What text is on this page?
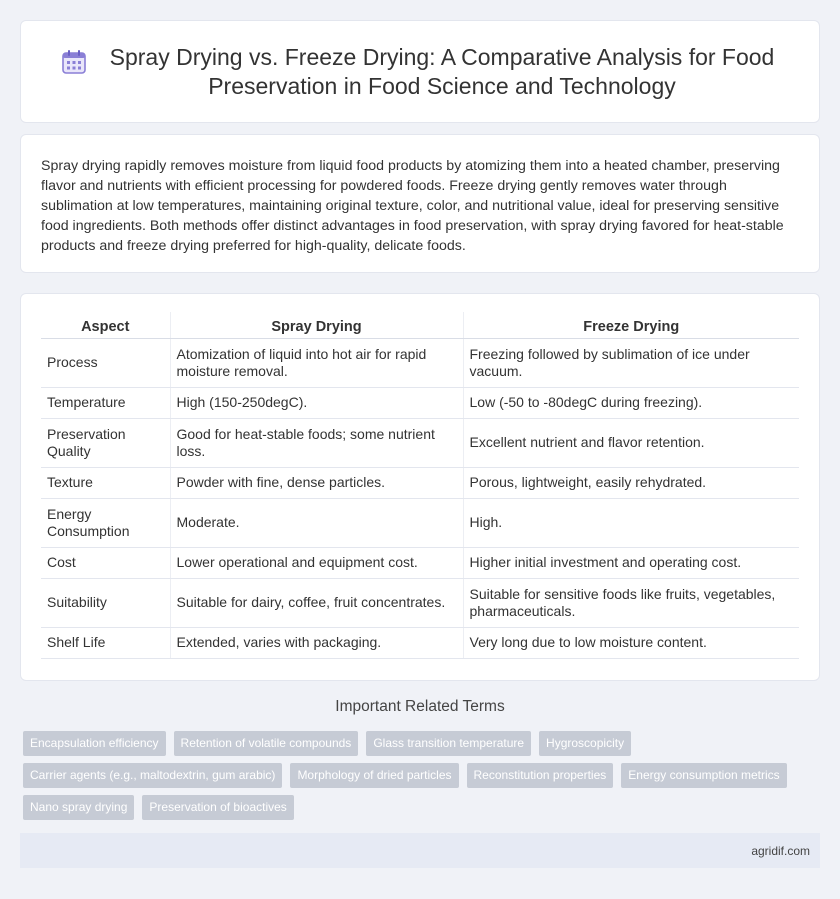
Spray Drying vs. Freeze Drying: A Comparative Analysis for Food Preservation in Food Science and Technology

Spray drying rapidly removes moisture from liquid food products by atomizing them into a heated chamber, preserving flavor and nutrients with efficient processing for powdered foods. Freeze drying gently removes water through sublimation at low temperatures, maintaining original texture, color, and nutritional value, ideal for preserving sensitive food ingredients. Both methods offer distinct advantages in food preservation, with spray drying favored for heat-stable products and freeze drying preferred for high-quality, delicate foods.

Aspect	Spray Drying	Freeze Drying
Process	Atomization of liquid into hot air for rapid moisture removal.	Freezing followed by sublimation of ice under vacuum.
Temperature	High (150-250degC).	Low (-50 to -80degC during freezing).
Preservation Quality	Good for heat-stable foods; some nutrient loss.	Excellent nutrient and flavor retention.
Texture	Powder with fine, dense particles.	Porous, lightweight, easily rehydrated.
Energy Consumption	Moderate.	High.
Cost	Lower operational and equipment cost.	Higher initial investment and operating cost.
Suitability	Suitable for dairy, coffee, fruit concentrates.	Suitable for sensitive foods like fruits, vegetables, pharmaceuticals.
Shelf Life	Extended, varies with packaging.	Very long due to low moisture content.
Important Related Terms
Encapsulation efficiency	Retention of volatile compounds	Glass transition temperature	Hygroscopicity
Carrier agents (e.g., maltodextrin, gum arabic)	Morphology of dried particles	Reconstitution properties	Energy consumption metrics
Nano spray drying	Preservation of bioactives
agridif.com
